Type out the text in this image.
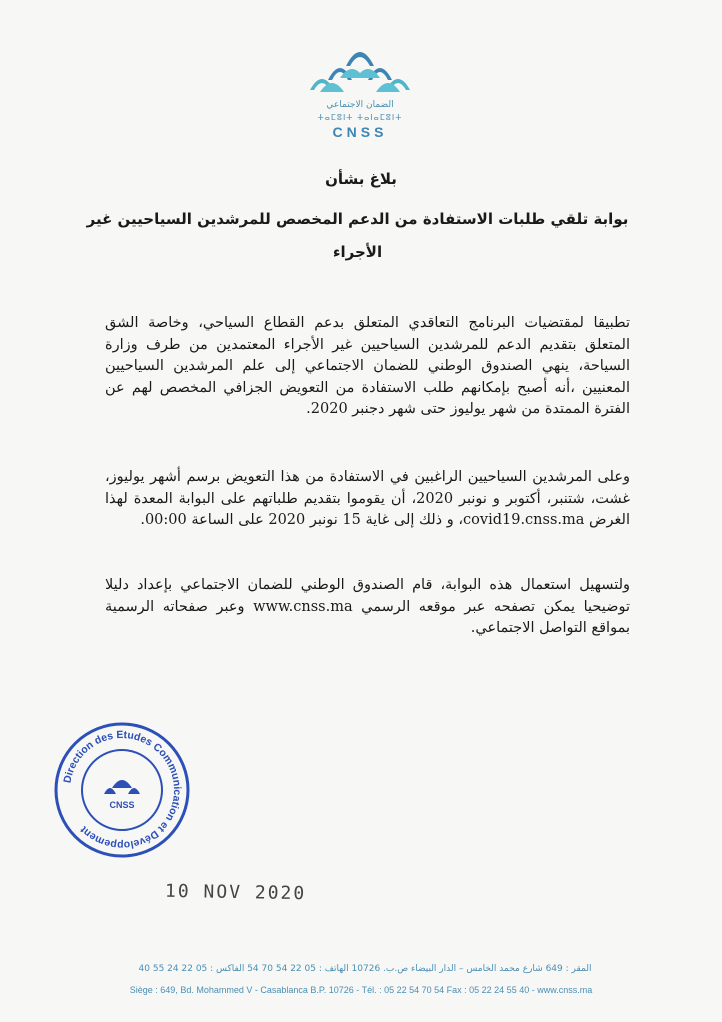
الضمان الاجتماعي
ⵜⴰⵎⵓⵏⵜ ⵜⴰⵏⴰⵎⵓⵏⵜ
CNSS
بلاغ بشأن
بوابة تلقي طلبات الاستفادة من الدعم المخصص للمرشدين السياحيين غير الأجراء
تطبيقا لمقتضيات البرنامج التعاقدي المتعلق بدعم القطاع السياحي، وخاصة الشق المتعلق بتقديم الدعم للمرشدين السياحيين غير الأجراء المعتمدين من طرف وزارة السياحة، ينهي الصندوق الوطني للضمان الاجتماعي إلى علم المرشدين السياحيين المعنيين ،أنه أصبح بإمكانهم طلب الاستفادة من التعويض الجزافي المخصص لهم عن الفترة الممتدة من شهر يوليوز حتى شهر دجنبر 2020.
وعلى المرشدين السياحيين الراغبين في الاستفادة من هذا التعويض برسم أشهر يوليوز، غشت، شتنبر، أكتوبر و نونبر 2020، أن يقوموا بتقديم طلباتهم على البوابة المعدة لهذا الغرض covid19.cnss.ma، و ذلك إلى غاية 15 نونبر 2020 على الساعة 00:00.
ولتسهيل استعمال هذه البوابة، قام الصندوق الوطني للضمان الاجتماعي بإعداد دليلا توضيحيا يمكن تصفحه عبر موقعه الرسمي www.cnss.ma وعبر صفحاته الرسمية بمواقع التواصل الاجتماعي.
Direction des Etudes Communication et Développement
CNSS
10 NOV 2020
المقر : 649 شارع محمد الخامس – الدار البيضاء ص.ب. 10726 الهاتف : 05 22 54 70 54 الفاكس : 05 22 24 55 40
Siège : 649, Bd. Mohammed V - Casablanca B.P. 10726 - Tél. : 05 22 54 70 54 Fax : 05 22 24 55 40 - www.cnss.ma
